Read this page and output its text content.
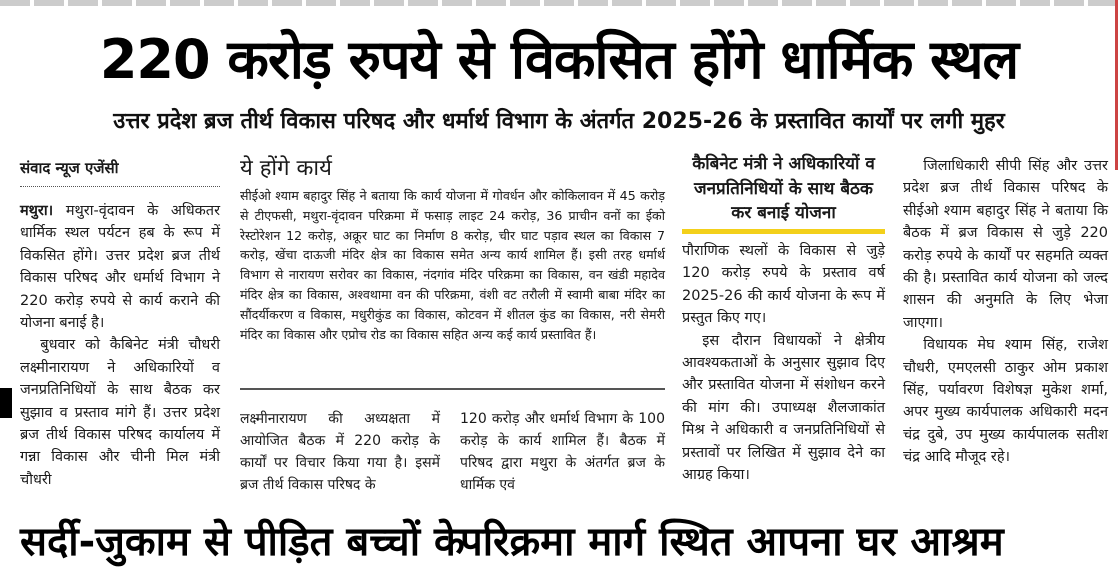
220 करोड़ रुपये से विकसित होंगे धार्मिक स्थल
उत्तर प्रदेश ब्रज तीर्थ विकास परिषद और धर्मार्थ विभाग के अंतर्गत 2025-26 के प्रस्तावित कार्यों पर लगी मुहर
संवाद न्यूज एजेंसी

मथुरा। मथुरा-वृंदावन के अधिकतर धार्मिक स्थल पर्यटन हब के रूप में विकसित होंगे। उत्तर प्रदेश ब्रज तीर्थ विकास परिषद और धर्मार्थ विभाग ने 220 करोड़ रुपये से कार्य कराने की योजना बनाई है।

बुधवार को कैबिनेट मंत्री चौधरी लक्ष्मीनारायण ने अधिकारियों व जनप्रतिनिधियों के साथ बैठक कर सुझाव व प्रस्ताव मांगे हैं। उत्तर प्रदेश ब्रज तीर्थ विकास परिषद कार्यालय में गन्ना विकास और चीनी मिल मंत्री चौधरी

ये होंगे कार्य
सीईओ श्याम बहादुर सिंह ने बताया कि कार्य योजना में गोवर्धन और कोकिलावन में 45 करोड़ से टीएफसी, मथुरा-वृंदावन परिक्रमा में फसाड़ लाइट 24 करोड़, 36 प्राचीन वनों का ईको रेस्टोरेशन 12 करोड़, अक्रूर घाट का निर्माण 8 करोड़, चीर घाट पड़ाव स्थल का विकास 7 करोड़, खेंचा दाऊजी मंदिर क्षेत्र का विकास समेत अन्य कार्य शामिल हैं। इसी तरह धर्मार्थ विभाग से नारायण सरोवर का विकास, नंदगांव मंदिर परिक्रमा का विकास, वन खंडी महादेव मंदिर क्षेत्र का विकास, अश्वथामा वन की परिक्रमा, वंशी वट तरौली में स्वामी बाबा मंदिर का सौंदर्यीकरण व विकास, मधुरीकुंड का विकास, कोटवन में शीतल कुंड का विकास, नरी सेमरी मंदिर का विकास और एप्रोच रोड का विकास सहित अन्य कई कार्य प्रस्तावित हैं।
लक्ष्मीनारायण की अध्यक्षता में आयोजित बैठक में 220 करोड़ के कार्यों पर विचार किया गया है। इसमें ब्रज तीर्थ विकास परिषद के
120 करोड़ और धर्मार्थ विभाग के 100 करोड़ के कार्य शामिल हैं। बैठक में परिषद द्वारा मथुरा के अंतर्गत ब्रज के धार्मिक एवं
कैबिनेट मंत्री ने अधिकारियों व जनप्रतिनिधियों के साथ बैठक कर बनाई योजना

पौराणिक स्थलों के विकास से जुड़े 120 करोड़ रुपये के प्रस्ताव वर्ष 2025-26 की कार्य योजना के रूप में प्रस्तुत किए गए।

इस दौरान विधायकों ने क्षेत्रीय आवश्यकताओं के अनुसार सुझाव दिए और प्रस्तावित योजना में संशोधन करने की मांग की। उपाध्यक्ष शैलजाकांत मिश्र ने अधिकारी व जनप्रतिनिधियों से प्रस्तावों पर लिखित में सुझाव देने का आग्रह किया।

जिलाधिकारी सीपी सिंह और उत्तर प्रदेश ब्रज तीर्थ विकास परिषद के सीईओ श्याम बहादुर सिंह ने बताया कि बैठक में ब्रज विकास से जुड़े 220 करोड़ रुपये के कार्यों पर सहमति व्यक्त की है। प्रस्तावित कार्य योजना को जल्द शासन की अनुमति के लिए भेजा जाएगा।

विधायक मेघ श्याम सिंह, राजेश चौधरी, एमएलसी ठाकुर ओम प्रकाश सिंह, पर्यावरण विशेषज्ञ मुकेश शर्मा, अपर मुख्य कार्यपालक अधिकारी मदन चंद्र दुबे, उप मुख्य कार्यपालक सतीश चंद्र आदि मौजूद रहे।

सर्दी-जुकाम से पीड़ित बच्चों के
परिक्रमा मार्ग स्थित आपना घर आश्रम
